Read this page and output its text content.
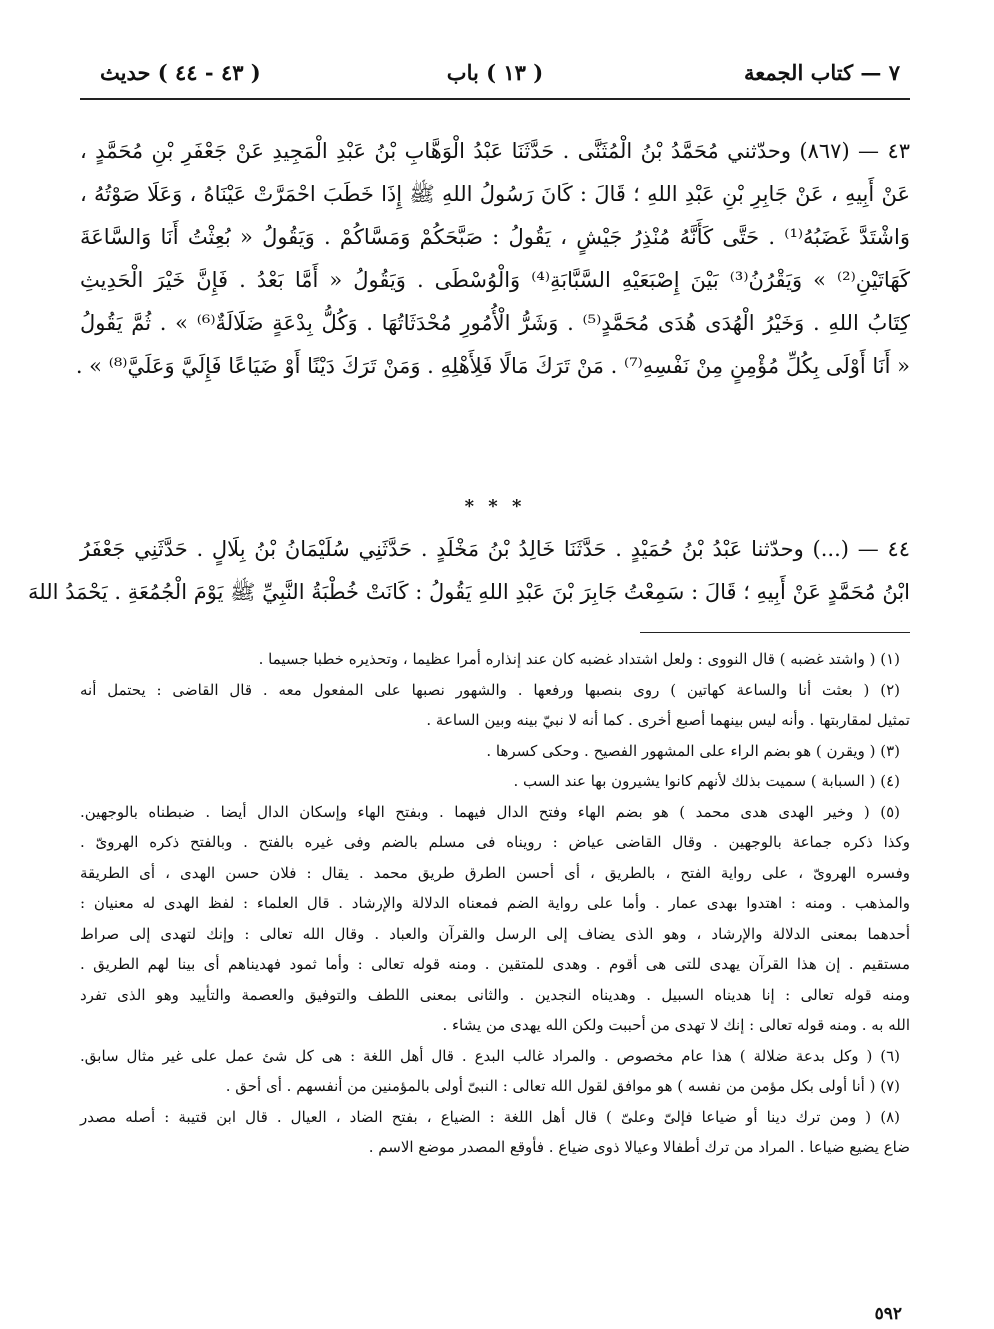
٧ — كتاب الجمعة
( ١٣ ) باب
( ٤٣ - ٤٤ ) حديث
٤٣ — (٨٦٧) وحدّثني مُحَمَّدُ بْنُ الْمُثَنَّى . حَدَّثَنَا عَبْدُ الْوَهَّابِ بْنُ عَبْدِ الْمَجِيدِ عَنْ جَعْفَرِ بْنِ مُحَمَّدٍ ،
عَنْ أَبِيهِ ، عَنْ جَابِرِ بْنِ عَبْدِ اللهِ ؛ قَالَ : كَانَ رَسُولُ اللهِ ﷺ إِذَا خَطَبَ احْمَرَّتْ عَيْنَاهُ ، وَعَلَا صَوْتُهُ ،
وَاشْتَدَّ غَضَبُهُ⁽¹⁾ . حَتَّى كَأَنَّهُ مُنْذِرُ جَيْشٍ ، يَقُولُ : صَبَّحَكُمْ وَمَسَّاكُمْ . وَيَقُولُ « بُعِثْتُ أَنَا وَالسَّاعَةَ
كَهَاتَيْنِ⁽²⁾ » وَيَقْرُنُ⁽³⁾ بَيْنَ إِصْبَعَيْهِ السَّبَّابَةِ⁽⁴⁾ وَالْوُسْطَى . وَيَقُولُ « أَمَّا بَعْدُ . فَإِنَّ خَيْرَ الْحَدِيثِ
كِتَابُ اللهِ . وَخَيْرُ الْهُدَى هُدَى مُحَمَّدٍ⁽⁵⁾ . وَشَرُّ الْأُمُورِ مُحْدَثَاتُهَا . وَكُلُّ بِدْعَةٍ ضَلَالَةٌ⁽⁶⁾ » . ثُمَّ يَقُولُ
« أَنَا أَوْلَى بِكُلِّ مُؤْمِنٍ مِنْ نَفْسِهِ⁽⁷⁾ . مَنْ تَرَكَ مَالًا فَلِأَهْلِهِ . وَمَنْ تَرَكَ دَيْنًا أَوْ ضَيَاعًا فَإِلَيَّ وَعَلَيَّ⁽⁸⁾ » .
* * *
٤٤ — (...) وحدّثنا عَبْدُ بْنُ حُمَيْدٍ . حَدَّثَنَا خَالِدُ بْنُ مَخْلَدٍ . حَدَّثَنِي سُلَيْمَانُ بْنُ بِلَالٍ . حَدَّثَنِي جَعْفَرُ
ابْنُ مُحَمَّدٍ عَنْ أَبِيهِ ؛ قَالَ : سَمِعْتُ جَابِرَ بْنَ عَبْدِ اللهِ يَقُولُ : كَانَتْ خُطْبَةُ النَّبِيِّ ﷺ يَوْمَ الْجُمُعَةِ . يَحْمَدُ اللهَ
(١) ( واشتد غضبه ) قال النووى : ولعل اشتداد غضبه كان عند إنذاره أمرا عظيما ، وتحذيره خطبا جسيما .
(٢) ( بعثت أنا والساعة كهاتين ) روى بنصبها ورفعها . والشهور نصبها على المفعول معه . قال القاضى : يحتمل أنه
تمثيل لمقاربتها . وأنه ليس بينهما أصبع أخرى . كما أنه لا نبيّ بينه وبين الساعة .
(٣) ( ويقرن ) هو بضم الراء على المشهور الفصيح . وحكى كسرها .
(٤) ( السبابة ) سميت بذلك لأنهم كانوا يشيرون بها عند السب .
(٥) ( وخير الهدى هدى محمد ) هو بضم الهاء وفتح الدال فيهما . وبفتح الهاء وإسكان الدال أيضا . ضبطناه بالوجهين.
وكذا ذكره جماعة بالوجهين . وقال القاضى عياض : رويناه فى مسلم بالضم وفى غيره بالفتح . وبالفتح ذكره الهروىّ .
وفسره الهروىّ ، على رواية الفتح ، بالطريق ، أى أحسن الطرق طريق محمد . يقال : فلان حسن الهدى ، أى الطريقة
والمذهب . ومنه : اهتدوا بهدى عمار . وأما على رواية الضم فمعناه الدلالة والإرشاد . قال العلماء : لفظ الهدى له معنيان :
أحدهما بمعنى الدلالة والإرشاد ، وهو الذى يضاف إلى الرسل والقرآن والعباد . وقال الله تعالى : وإنك لتهدى إلى صراط
مستقيم . إن هذا القرآن يهدى للتى هى أقوم . وهدى للمتقين . ومنه قوله تعالى : وأما ثمود فهديناهم أى بينا لهم الطريق .
ومنه قوله تعالى : إنا هديناه السبيل . وهديناه النجدين . والثانى بمعنى اللطف والتوفيق والعصمة والتأييد وهو الذى تفرد
الله به . ومنه قوله تعالى : إنك لا تهدى من أحببت ولكن الله يهدى من يشاء .
(٦) ( وكل بدعة ضلالة ) هذا عام مخصوص . والمراد غالب البدع . قال أهل اللغة : هى كل شئ عمل على غير مثال سابق.
(٧) ( أنا أولى بكل مؤمن من نفسه ) هو موافق لقول الله تعالى : النبىّ أولى بالمؤمنين من أنفسهم . أى أحق .
(٨) ( ومن ترك دينا أو ضياعا فإلىّ وعلىّ ) قال أهل اللغة : الضياع ، بفتح الضاد ، العيال . قال ابن قتيبة : أصله مصدر
ضاع يضيع ضياعا . المراد من ترك أطفالا وعيالا ذوى ضياع . فأوقع المصدر موضع الاسم .
٥٩٢
